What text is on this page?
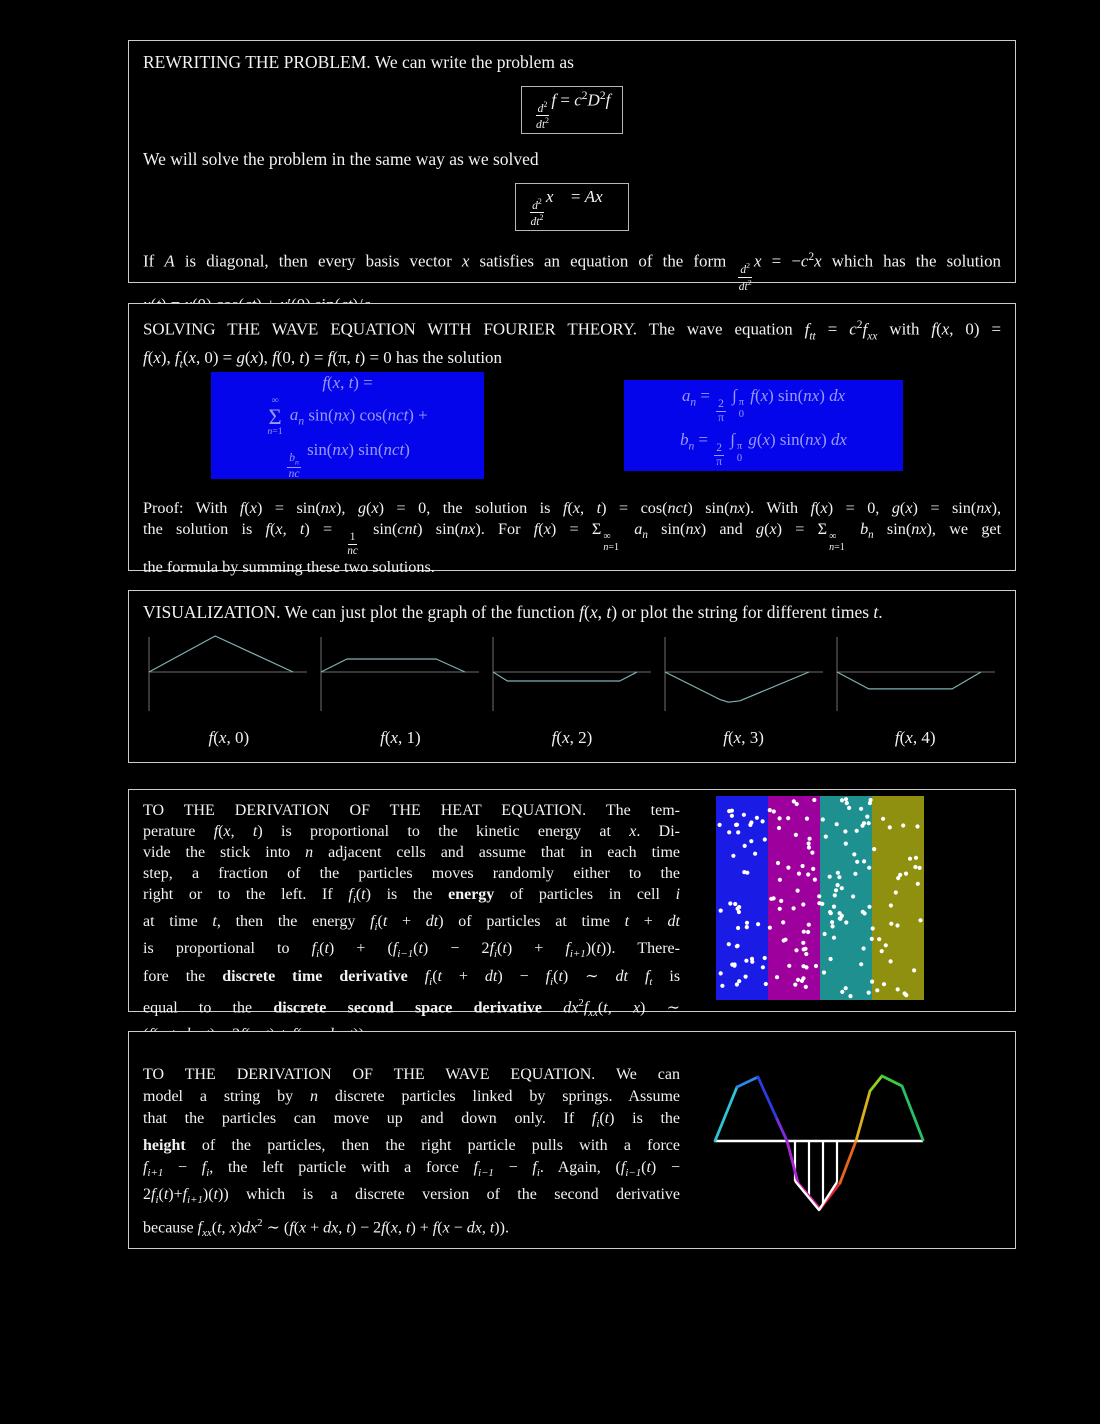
REWRITING THE PROBLEM. We can write the problem as
$\frac{d^2}{dt^2}$ $f = c^2D^2f$
We will solve the problem in the same way as we solved
$\frac{d^2}{dt^2}$ x⃗ = Ax⃗
If A is diagonal, then every basis vector x satisfies an equation of the form $\frac{d^2}{dt^2}$ $x = -c^2x$ which has the solution
SOLVING THE WAVE EQUATION WITH FOURIER THEORY. The wave equation $f_{tt} = c^2f_{xx}$ with f(x, 0) =
f(x), $f_t(x$, 0) = g(x), f(0, t) = f(π, t) = 0 has the solution
f(x, t) =
∞
Σ
n=1
$a_n$ sin(nx) cos(nct) +
$\frac{b_n}{nc}$
sin(nx) sin(nct)
$a_n$ =
$\frac{2}{\pi}$
∫ π
0
f(x) sin(nx) dx
$b_n$ =
$\frac{2}{\pi}$
∫ π
0
g(x) sin(nx) dx
Proof: With f(x) = sin(nx), g(x) = 0, the solution is f(x, t) = cos(nct) sin(nx). With f(x) = 0, g(x) = sin(nx),
the solution is f(x, t) =
$\frac{1}{nc}$
sin(cnt) sin(nx). For f(x) = Σ ∞
n=1
$a_n$ sin(nx) and g(x) = Σ ∞
n=1
$b_n$ sin(nx), we get
the formula by summing these two solutions.
VISUALIZATION. We can just plot the graph of the function f(x, t) or plot the string for different times t.
f(x, 0)	f(x, 1)	f(x, 2)	f(x, 3)	f(x, 4)
TO THE DERIVATION OF THE HEAT EQUATION. The tem-
perature f(x, t) is proportional to the kinetic energy at x. Di-
vide the stick into n adjacent cells and assume that in each time
step, a fraction of the particles moves randomly either to the
right or to the left. If $f_i(t)$ is the energy of particles in cell i
at time t, then the energy $f_i(t + dt)$ of particles at time t + dt
is proportional to $f_i(t) + (f_{i-1}(t) - 2f_i(t) + f_{i+1})(t)$). There-
fore the discrete time derivative $f_i(t + dt) - f_i(t)$ ∼ dt $f_t$ is
equal to the discrete second space derivative $dx^2f_{xx}(t$, x) ∼
TO THE DERIVATION OF THE WAVE EQUATION. We can
model a string by n discrete particles linked by springs. Assume
that the particles can move up and down only. If $f_i(t)$ is the
height of the particles, then the right particle pulls with a force
$f_{i+1} - f_i$, the left particle with a force $f_{i-1} - f_i$. Again, ($f_{i-1}(t)$ −
$2f_i(t)+f_{i+1})(t)$) which is a discrete version of the second derivative
because $f_{xx}(t$, $x)dx^2$ ∼ (f(x + dx, t) − 2f(x, t) + f(x − dx, t)).
